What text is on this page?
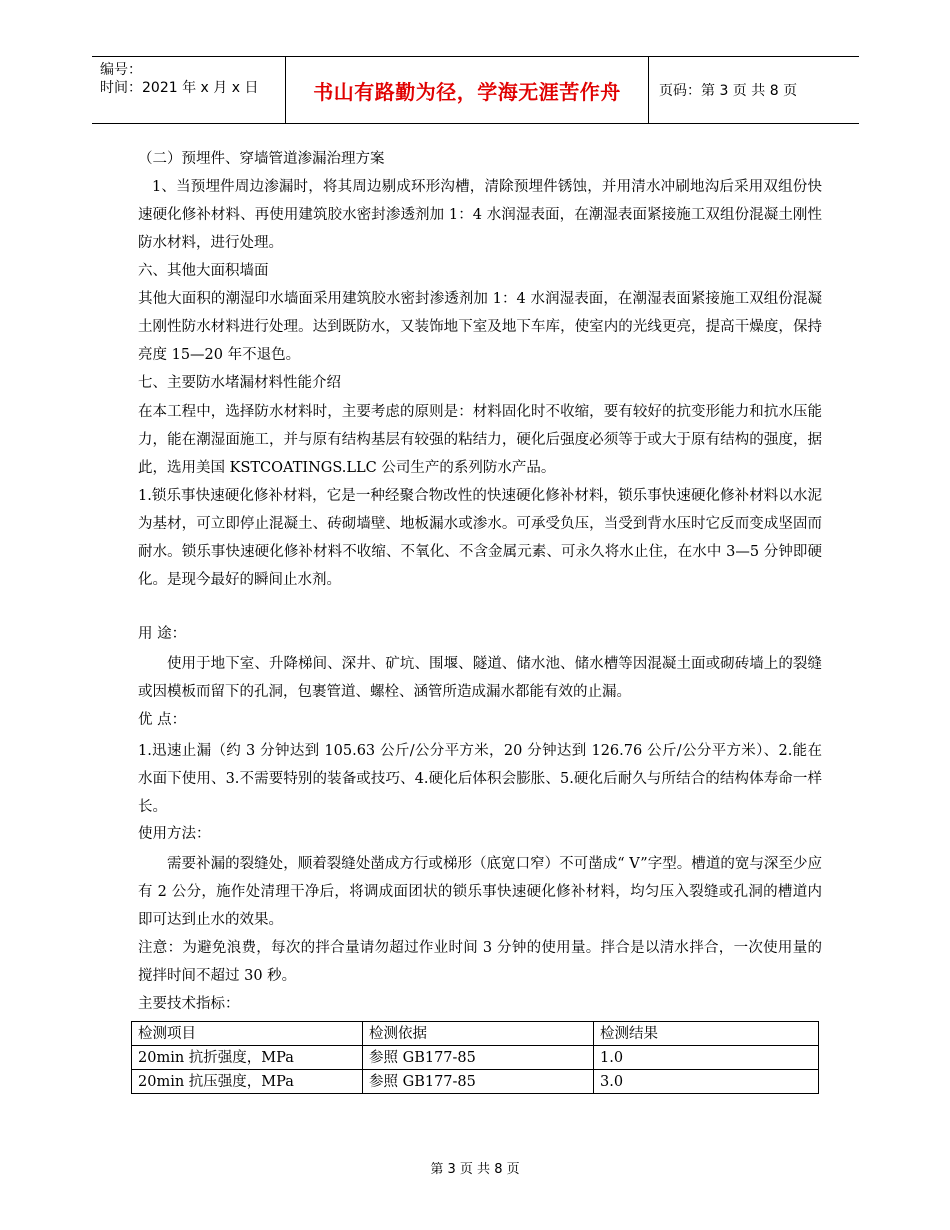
编号：
时间：2021 年 x 月 x 日	书山有路勤为径，学海无涯苦作舟	页码：第 3 页 共 8 页

（二）预埋件、穿墙管道渗漏治理方案

1、当预埋件周边渗漏时，将其周边剔成环形沟槽，清除预埋件锈蚀，并用清水冲刷地沟后采用双组份快速硬化修补材料、再使用建筑胶水密封渗透剂加 1：4 水润湿表面，在潮湿表面紧接施工双组份混凝土刚性防水材料，进行处理。

六、其他大面积墙面

其他大面积的潮湿印水墙面采用建筑胶水密封渗透剂加 1：4 水润湿表面，在潮湿表面紧接施工双组份混凝土刚性防水材料进行处理。达到既防水，又装饰地下室及地下车库，使室内的光线更亮，提高干燥度，保持亮度 15—20 年不退色。

七、主要防水堵漏材料性能介绍

在本工程中，选择防水材料时，主要考虑的原则是：材料固化时不收缩，要有较好的抗变形能力和抗水压能力，能在潮湿面施工，并与原有结构基层有较强的粘结力，硬化后强度必须等于或大于原有结构的强度，据此，选用美国 KSTCOATINGS.LLC 公司生产的系列防水产品。

1.锁乐事快速硬化修补材料，它是一种经聚合物改性的快速硬化修补材料，锁乐事快速硬化修补材料以水泥为基材，可立即停止混凝土、砖砌墙壁、地板漏水或渗水。可承受负压，当受到背水压时它反而变成坚固而耐水。锁乐事快速硬化修补材料不收缩、不氧化、不含金属元素、可永久将水止住，在水中 3—5 分钟即硬化。是现今最好的瞬间止水剂。

用 途：

使用于地下室、升降梯间、深井、矿坑、围堰、隧道、储水池、储水槽等因混凝土面或砌砖墙上的裂缝或因模板而留下的孔洞，包裹管道、螺栓、涵管所造成漏水都能有效的止漏。

优 点：

1.迅速止漏（约 3 分钟达到 105.63 公斤/公分平方米，20 分钟达到 126.76 公斤/公分平方米）、2.能在水面下使用、3.不需要特别的装备或技巧、4.硬化后体积会膨胀、5.硬化后耐久与所结合的结构体寿命一样长。

使用方法：

需要补漏的裂缝处，顺着裂缝处凿成方行或梯形（底宽口窄）不可凿成“ V”字型。槽道的宽与深至少应有 2 公分，施作处清理干净后，将调成面团状的锁乐事快速硬化修补材料，均匀压入裂缝或孔洞的槽道内即可达到止水的效果。

注意：为避免浪费，每次的拌合量请勿超过作业时间 3 分钟的使用量。拌合是以清水拌合，一次使用量的搅拌时间不超过 30 秒。

主要技术指标：

检测项目	检测依据	检测结果
20min 抗折强度，MPa	参照 GB177-85	1.0
20min 抗压强度，MPa	参照 GB177-85	3.0
第 3 页 共 8 页
